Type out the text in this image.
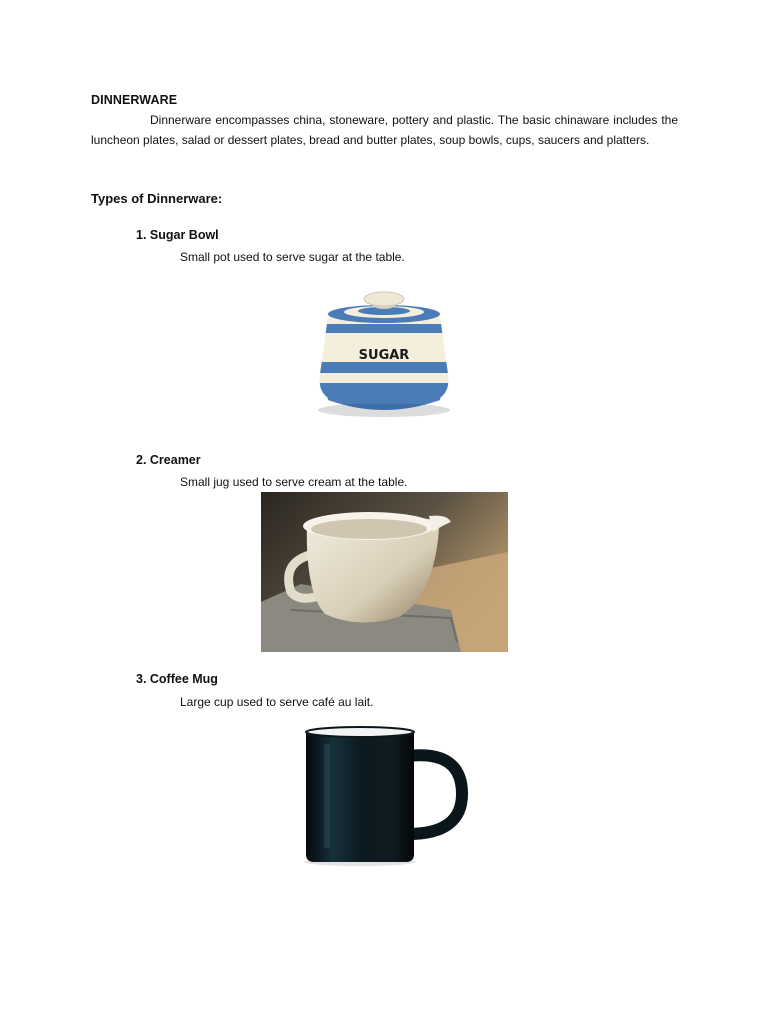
DINNERWARE
Dinnerware encompasses china, stoneware, pottery and plastic. The basic chinaware includes the luncheon plates, salad or dessert plates, bread and butter plates, soup bowls, cups, saucers and platters.
Types of Dinnerware:
1. Sugar Bowl
Small pot used to serve sugar at the table.
SUGAR
2. Creamer
Small jug used to serve cream at the table.
3. Coffee Mug
Large cup used to serve café au lait.
